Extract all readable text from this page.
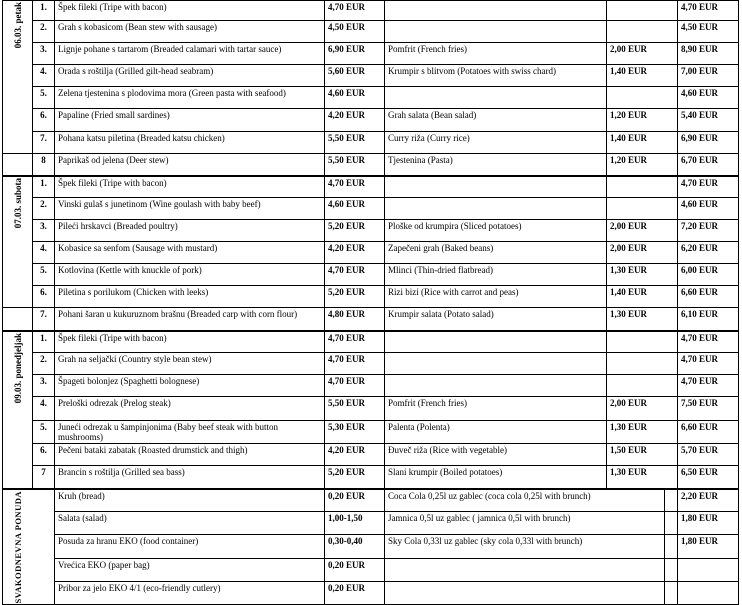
06.03. petak	1.	Špek fileki (Tripe with bacon)	4,70 EUR				4,70 EUR
	2.	Grah s kobasicom (Bean stew with sausage)	4,50 EUR				4,50 EUR
	3.	Lignje pohane s tartarom (Breaded calamari with tartar sauce)	6,90 EUR	Pomfrit (French fries)	2,00 EUR		8,90 EUR
	4.	Orada s roštilja (Grilled gilt-head seabram)	5,60 EUR	Krumpir s blitvom (Potatoes with swiss chard)	1,40 EUR		7,00 EUR
	5.	Zelena tjestenina s plodovima mora (Green pasta with seafood)	4,60 EUR				4,60 EUR
	6.	Papaline (Fried small sardines)	4,20 EUR	Grah salata (Bean salad)	1,20 EUR		5,40 EUR
	7.	Pohana katsu piletina (Breaded katsu chicken)	5,50 EUR	Curry riža (Curry rice)	1,40 EUR		6,90 EUR
	8	Paprikaš od jelena (Deer stew)	5,50 EUR	Tjestenina (Pasta)	1,20 EUR		6,70 EUR

07.03. subota	1.	Špek fileki (Tripe with bacon)	4,70 EUR				4,70 EUR
	2.	Vinski gulaš s junetinom (Wine goulash with baby beef)	4,60 EUR				4,60 EUR
	3.	Pileći hrskavci (Breaded poultry)	5,20 EUR	Ploške od krumpira (Sliced potatoes)	2,00 EUR		7,20 EUR
	4.	Kobasice sa senfom (Sausage with mustard)	4,20 EUR	Zapečeni grah (Baked beans)	2,00 EUR		6,20 EUR
	5.	Kotlovina (Kettle with knuckle of pork)	4,70 EUR	Mlinci (Thin-dried flatbread)	1,30 EUR		6,00 EUR
	6.	Piletina s porilukom (Chicken with leeks)	5,20 EUR	Rizi bizi (Rice with carrot and peas)	1,40 EUR		6,60 EUR
	7.	Pohani šaran u kukuruznom brašnu (Breaded carp with corn flour)	4,80 EUR	Krumpir salata (Potato salad)	1,30 EUR		6,10 EUR

09.03. ponedjeljak	1.	Špek fileki (Tripe with bacon)	4,70 EUR				4,70 EUR
	2.	Grah na seljački (Country style bean stew)	4,70 EUR				4,70 EUR
	3.	Špageti bolonjez (Spaghetti bolognese)	4,70 EUR				4,70 EUR
	4.	Preloški odrezak (Prelog steak)	5,50 EUR	Pomfrit (French fries)	2,00 EUR		7,50 EUR
	5.	Juneći odrezak u šampinjonima (Baby beef steak with button mushrooms)	5,30 EUR	Palenta (Polenta)	1,30 EUR		6,60 EUR
	6.	Pečeni bataki zabatak (Roasted drumstick and thigh)	4,20 EUR	Đuveč riža (Rice with vegetable)	1,50 EUR		5,70 EUR
	7	Brancin s roštilja (Grilled sea bass)	5,20 EUR	Slani krumpir (Boiled potatoes)	1,30 EUR		6,50 EUR

SVAKODNEVNA PONUDA		Kruh (bread)	0,20 EUR	Coca Cola 0,25l uz gablec (coca cola 0,25l with brunch)			2,20 EUR
		Salata (salad)	1,00-1,50	Jamnica 0,5l uz gablec ( jamnica 0,5l with brunch)			1,80 EUR
		Posuda za hranu EKO (food container)	0,30-0,40	Sky Cola 0,33l uz gablec (sky cola 0,33l with brunch)			1,80 EUR
		Vrećica EKO (paper bag)	0,20 EUR				
		Pribor za jelo EKO 4/1 (eco-friendly cutlery)	0,20 EUR				
